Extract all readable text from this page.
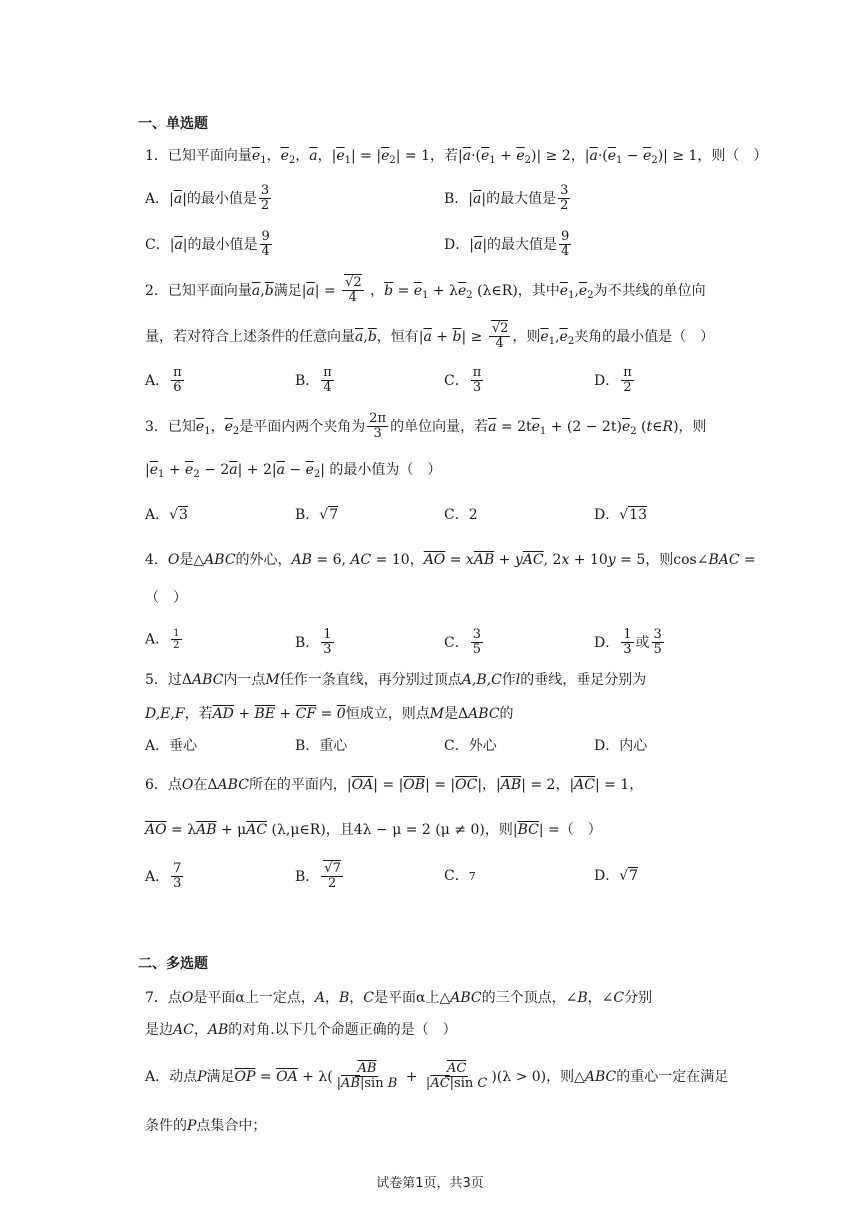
一、单选题
1．已知平面向量$\overline{e}_1$，$\overline{e}_2$，$\overline{a}$，$|\overline{e}_1| = |\overline{e}_2| = 1$，若$|\overline{a}\cdot(\overline{e}_1 + \overline{e}_2)| \ge 2$，$|\overline{a}\cdot(\overline{e}_1 - \overline{e}_2)| \ge 1$，则（　）
A．$|\overline{a}|$的最小值是 $\frac{3}{2}$	B．$|\overline{a}|$的最大值是 $\frac{3}{2}$
C．$|\overline{a}|$的最小值是 $\frac{9}{4}$	D．$|\overline{a}|$的最大值是 $\frac{9}{4}$
2．已知平面向量$\overline{a},\overline{b}$满足$|\overline{a}| = \frac{√2}{4}$ ，$\overline{b} = \overline{e}_1 + \lambda\overline{e}_2$ (λ∈R)，其中$\overline{e}_1,\overline{e}_2$为不共线的单位向
量，若对符合上述条件的任意向量$\overline{a},\overline{b}$，恒有$|\overline{a} + \overline{b}| \ge \frac{√2}{4}$ ，则$\overline{e}_1,\overline{e}_2$夹角的最小值是（　）
A． $\frac{\pi}{6}$	B． $\frac{\pi}{4}$	C． $\frac{\pi}{3}$	D． $\frac{\pi}{2}$
3．已知$\overline{e}_1$，$\overline{e}_2$是平面内两个夹角为 $\frac{2\pi}{3}$ 的单位向量，若$\overline{a} = 2t\overline{e}_1 + (2 - 2t)\overline{e}_2$ (t∈R)，则
$|\overline{e}_1 + \overline{e}_2 - 2\overline{a}| + 2|\overline{a} - \overline{e}_2|$ 的最小值为（　）
A．√3	B．√7	C．2	D．√13
4．O是△ABC的外心，AB = 6, AC = 10，$\overline{AO} = x\overline{AB} + y\overline{AC}$, 2x + 10y = 5，则cos∠BAC =
（　）
A． $\frac{1}{2}$	B． $\frac{1}{3}$	C． $\frac{3}{5}$	D． $\frac{1}{3}$ 或 $\frac{3}{5}$
5．过ΔABC内一点M任作一条直线，再分别过顶点A,B,C作l的垂线，垂足分别为
D,E,F，若$\overline{AD} + \overline{BE} + \overline{CF} = 0$恒成立，则点M是ΔABC的
A．垂心	B．重心	C．外心	D．内心
6．点O在ΔABC所在的平面内，$|\overline{OA}| = |\overline{OB}| = |\overline{OC}|$，$|\overline{AB}| = 2$，$|\overline{AC}| = 1$，
$\overline{AO} = \lambda\overline{AB} + \mu\overline{AC}$ (λ,μ∈R)，且4λ − μ = 2 (μ ≠ 0)，则$|\overline{BC}|$ =（　）
A． $\frac{7}{3}$	B． $\frac{√7}{2}$	C．7	D．√7
二、多选题
7．点O是平面α上一定点，A，B，C是平面α上△ABC的三个顶点，∠B，∠C分别
是边AC，AB的对角.以下几个命题正确的是（　）
A．动点P满足$\overline{OP} = \overline{OA} + \lambda( \frac{\overline{AB}}{|\overline{AB}|\sin B} + \frac{\overline{AC}}{|\overline{AC}|\sin C} )(\lambda > 0)$，则△ABC的重心一定在满足
条件的P点集合中；
试卷第1页，共3页
